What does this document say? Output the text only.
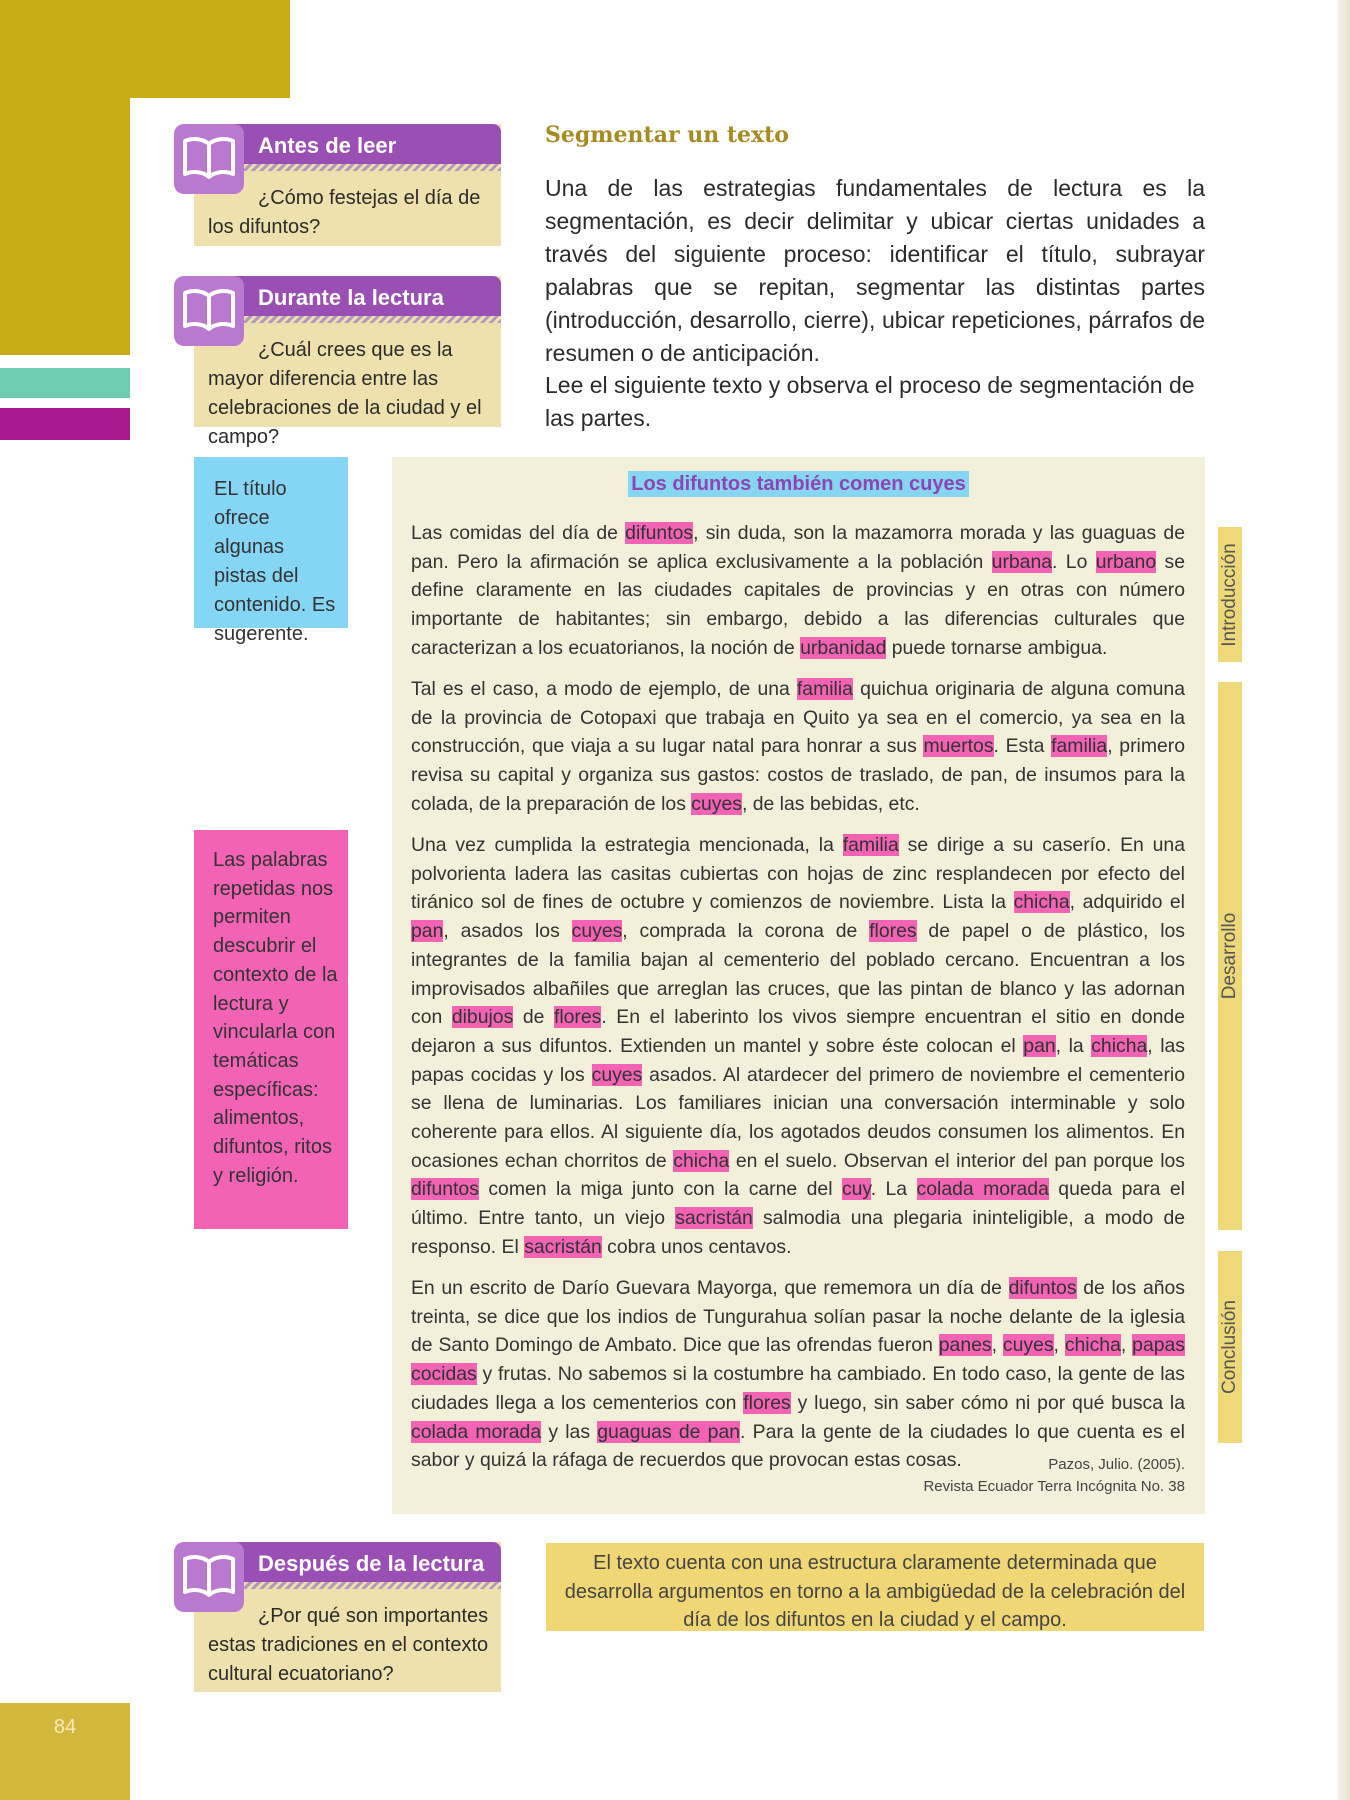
84
Antes de leer
¿Cómo festejas el día de los difuntos?
Durante la lectura
¿Cuál crees que es la mayor diferencia entre las celebraciones de la ciudad y el campo?
Segmentar un texto

Una de las estrategias fundamentales de lectura es la segmentación, es decir delimitar y ubicar ciertas unidades a través del siguiente proceso: identificar el título, subrayar palabras que se repitan, segmentar las distintas partes (introducción, desarrollo, cierre), ubicar repeticiones, párrafos de resumen o de anticipación.

Lee el siguiente texto y observa el proceso de segmentación de las partes.

EL título ofrece algunas pistas del contenido. Es sugerente.
Las palabras repetidas nos permiten descubrir el contexto de la lectura y vincularla con temáticas específicas: alimentos, difuntos, ritos y religión.
Los difuntos también comen cuyes

Las comidas del día de difuntos, sin duda, son la mazamorra morada y las guaguas de pan. Pero la afirmación se aplica exclusivamente a la población urbana. Lo urbano se define claramente en las ciudades capitales de provincias y en otras con número importante de habitantes; sin embargo, debido a las diferencias culturales que caracterizan a los ecuatorianos, la noción de urbanidad puede tornarse ambigua.

Tal es el caso, a modo de ejemplo, de una familia quichua originaria de alguna comuna de la provincia de Cotopaxi que trabaja en Quito ya sea en el comercio, ya sea en la construcción, que viaja a su lugar natal para honrar a sus muertos. Esta familia, primero revisa su capital y organiza sus gastos: costos de traslado, de pan, de insumos para la colada, de la preparación de los cuyes, de las bebidas, etc.

Una vez cumplida la estrategia mencionada, la familia se dirige a su caserío. En una polvorienta ladera las casitas cubiertas con hojas de zinc resplandecen por efecto del tiránico sol de fines de octubre y comienzos de noviembre. Lista la chicha, adquirido el pan, asados los cuyes, comprada la corona de flores de papel o de plástico, los integrantes de la familia bajan al cementerio del poblado cercano. Encuentran a los improvisados albañiles que arreglan las cruces, que las pintan de blanco y las adornan con dibujos de flores. En el laberinto los vivos siempre encuentran el sitio en donde dejaron a sus difuntos. Extienden un mantel y sobre éste colocan el pan, la chicha, las papas cocidas y los cuyes asados. Al atardecer del primero de noviembre el cementerio se llena de luminarias. Los familiares inician una conversación interminable y solo coherente para ellos. Al siguiente día, los agotados deudos consumen los alimentos. En ocasiones echan chorritos de chicha en el suelo. Observan el interior del pan porque los difuntos comen la miga junto con la carne del cuy. La colada morada queda para el último. Entre tanto, un viejo sacristán salmodia una plegaria ininteligible, a modo de responso. El sacristán cobra unos centavos.

En un escrito de Darío Guevara Mayorga, que rememora un día de difuntos de los años treinta, se dice que los indios de Tungurahua solían pasar la noche delante de la iglesia de Santo Domingo de Ambato. Dice que las ofrendas fueron panes, cuyes, chicha, papas cocidas y frutas. No sabemos si la costumbre ha cambiado. En todo caso, la gente de las ciudades llega a los cementerios con flores y luego, sin saber cómo ni por qué busca la colada morada y las guaguas de pan. Para la gente de la ciudades lo que cuenta es el sabor y quizá la ráfaga de recuerdos que provocan estas cosas.	Pazos, Julio. (2005).
Revista Ecuador Terra Incógnita No. 38
Introducción
Desarrollo
Conclusión
Después de la lectura
¿Por qué son importantes estas tradiciones en el contexto cultural ecuatoriano?
El texto cuenta con una estructura claramente determinada que desarrolla argumentos en torno a la ambigüedad de la celebración del día de los difuntos en la ciudad y el campo.
